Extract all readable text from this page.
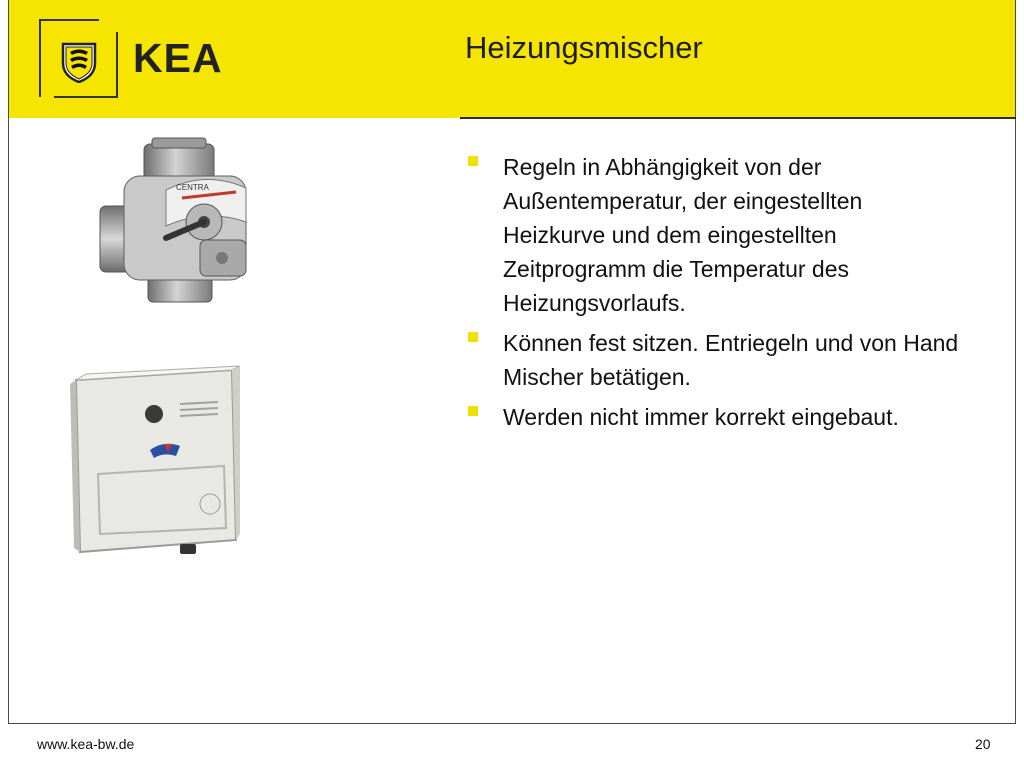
KEA	Heizungsmischer
Regeln in Abhängigkeit von der Außentemperatur, der eingestellten Heizkurve und dem eingestellten Zeitprogramm die Temperatur des Heizungsvorlaufs.
Können fest sitzen. Entriegeln und von Hand Mischer betätigen.
Werden nicht immer korrekt eingebaut.
CENTRA
www.kea-bw.de	20
